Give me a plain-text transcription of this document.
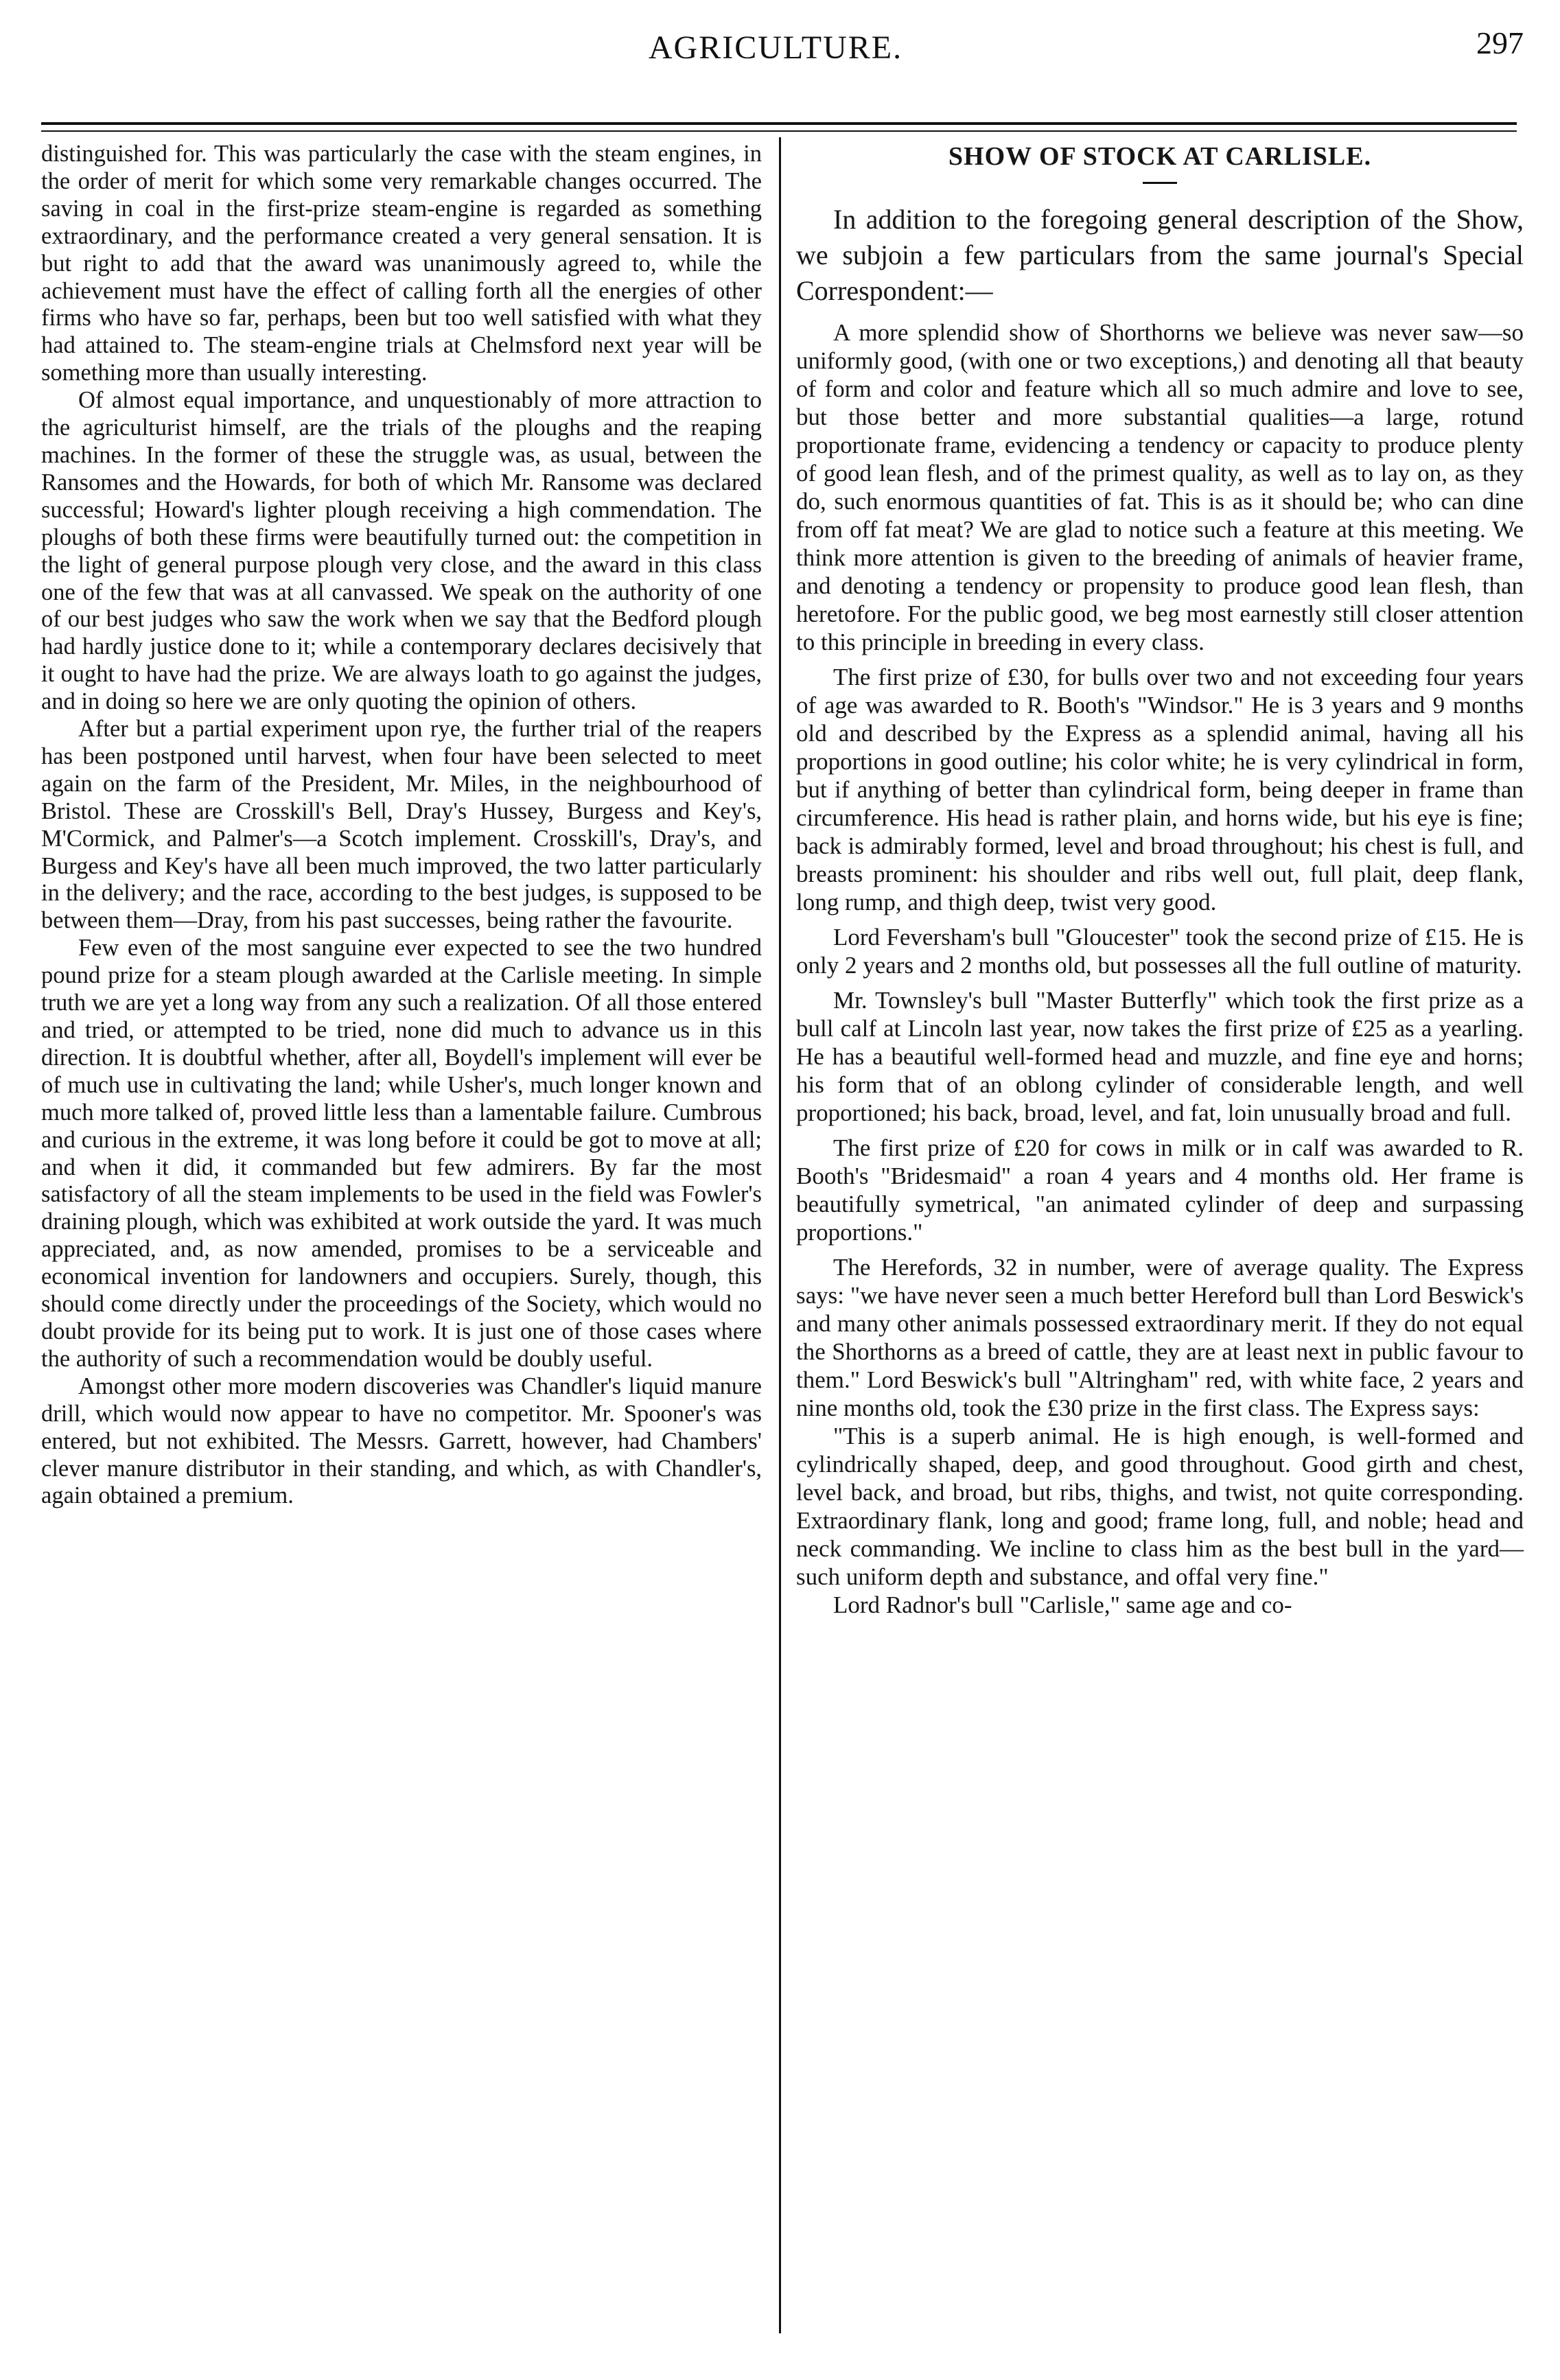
AGRICULTURE.	297

distinguished for. This was particularly the case with the steam engines, in the order of merit for which some very remarkable changes occurred. The saving in coal in the first-prize steam-engine is regarded as something extraordinary, and the performance created a very general sensation. It is but right to add that the award was unanimously agreed to, while the achievement must have the effect of calling forth all the energies of other firms who have so far, perhaps, been but too well satisfied with what they had attained to. The steam-engine trials at Chelmsford next year will be something more than usually interesting.

Of almost equal importance, and unquestionably of more attraction to the agriculturist himself, are the trials of the ploughs and the reaping machines. In the former of these the struggle was, as usual, between the Ransomes and the Howards, for both of which Mr. Ransome was declared successful; Howard's lighter plough receiving a high commendation. The ploughs of both these firms were beautifully turned out: the competition in the light of general purpose plough very close, and the award in this class one of the few that was at all canvassed. We speak on the authority of one of our best judges who saw the work when we say that the Bedford plough had hardly justice done to it; while a contemporary declares decisively that it ought to have had the prize. We are always loath to go against the judges, and in doing so here we are only quoting the opinion of others.

After but a partial experiment upon rye, the further trial of the reapers has been postponed until harvest, when four have been selected to meet again on the farm of the President, Mr. Miles, in the neighbourhood of Bristol. These are Crosskill's Bell, Dray's Hussey, Burgess and Key's, M'Cormick, and Palmer's—a Scotch implement. Crosskill's, Dray's, and Burgess and Key's have all been much improved, the two latter particularly in the delivery; and the race, according to the best judges, is supposed to be between them—Dray, from his past successes, being rather the favourite.

Few even of the most sanguine ever expected to see the two hundred pound prize for a steam plough awarded at the Carlisle meeting. In simple truth we are yet a long way from any such a realization. Of all those entered and tried, or attempted to be tried, none did much to advance us in this direction. It is doubtful whether, after all, Boydell's implement will ever be of much use in cultivating the land; while Usher's, much longer known and much more talked of, proved little less than a lamentable failure. Cumbrous and curious in the extreme, it was long before it could be got to move at all; and when it did, it commanded but few admirers. By far the most satisfactory of all the steam implements to be used in the field was Fowler's draining plough, which was exhibited at work outside the yard. It was much appreciated, and, as now amended, promises to be a serviceable and economical invention for landowners and occupiers. Surely, though, this should come directly under the proceedings of the Society, which would no doubt provide for its being put to work. It is just one of those cases where the authority of such a recommendation would be doubly useful.

Amongst other more modern discoveries was Chandler's liquid manure drill, which would now appear to have no competitor. Mr. Spooner's was entered, but not exhibited. The Messrs. Garrett, however, had Chambers' clever manure distributor in their standing, and which, as with Chandler's, again obtained a premium.

SHOW OF STOCK AT CARLISLE.

In addition to the foregoing general description of the Show, we subjoin a few particulars from the same journal's Special Correspondent:—

A more splendid show of Shorthorns we believe was never saw—so uniformly good, (with one or two exceptions,) and denoting all that beauty of form and color and feature which all so much admire and love to see, but those better and more substantial qualities—a large, rotund proportionate frame, evidencing a tendency or capacity to produce plenty of good lean flesh, and of the primest quality, as well as to lay on, as they do, such enormous quantities of fat. This is as it should be; who can dine from off fat meat? We are glad to notice such a feature at this meeting. We think more attention is given to the breeding of animals of heavier frame, and denoting a tendency or propensity to produce good lean flesh, than heretofore. For the public good, we beg most earnestly still closer attention to this principle in breeding in every class.

The first prize of £30, for bulls over two and not exceeding four years of age was awarded to R. Booth's "Windsor." He is 3 years and 9 months old and described by the Express as a splendid animal, having all his proportions in good outline; his color white; he is very cylindrical in form, but if anything of better than cylindrical form, being deeper in frame than circumference. His head is rather plain, and horns wide, but his eye is fine; back is admirably formed, level and broad throughout; his chest is full, and breasts prominent: his shoulder and ribs well out, full plait, deep flank, long rump, and thigh deep, twist very good.

Lord Feversham's bull "Gloucester" took the second prize of £15. He is only 2 years and 2 months old, but possesses all the full outline of maturity.

Mr. Townsley's bull "Master Butterfly" which took the first prize as a bull calf at Lincoln last year, now takes the first prize of £25 as a yearling. He has a beautiful well-formed head and muzzle, and fine eye and horns; his form that of an oblong cylinder of considerable length, and well proportioned; his back, broad, level, and fat, loin unusually broad and full.

The first prize of £20 for cows in milk or in calf was awarded to R. Booth's "Bridesmaid" a roan 4 years and 4 months old. Her frame is beautifully symetrical, "an animated cylinder of deep and surpassing proportions."

The Herefords, 32 in number, were of average quality. The Express says: "we have never seen a much better Hereford bull than Lord Beswick's and many other animals possessed extraordinary merit. If they do not equal the Shorthorns as a breed of cattle, they are at least next in public favour to them." Lord Beswick's bull "Altringham" red, with white face, 2 years and nine months old, took the £30 prize in the first class. The Express says:

"This is a superb animal. He is high enough, is well-formed and cylindrically shaped, deep, and good throughout. Good girth and chest, level back, and broad, but ribs, thighs, and twist, not quite corresponding. Extraordinary flank, long and good; frame long, full, and noble; head and neck commanding. We incline to class him as the best bull in the yard—such uniform depth and substance, and offal very fine."

Lord Radnor's bull "Carlisle," same age and co-
